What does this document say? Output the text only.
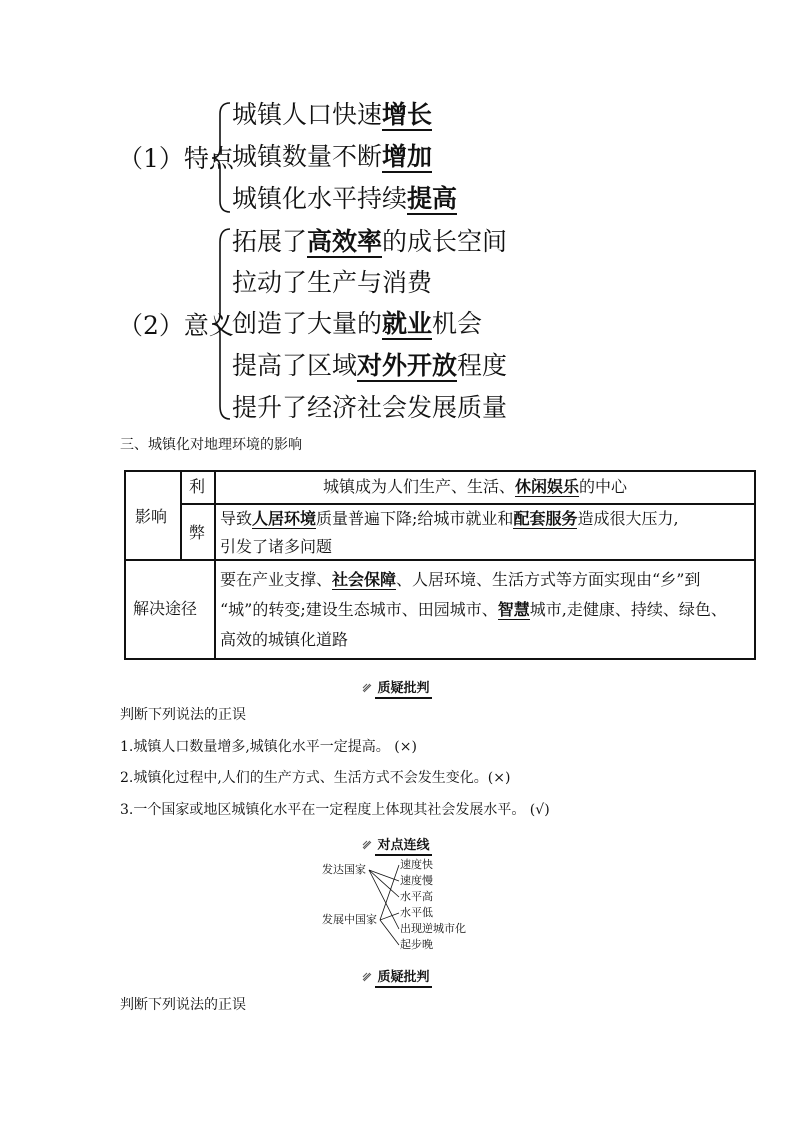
（1）特点
城镇人口快速增长
城镇数量不断增加
城镇化水平持续提高
（2）意义
拓展了高效率的成长空间
拉动了生产与消费
创造了大量的就业机会
提高了区域对外开放程度
提升了经济社会发展质量
三、城镇化对地理环境的影响
影响
利
弊
城镇成为人们生产、生活、休闲娱乐的中心
导致人居环境质量普遍下降;给城市就业和配套服务造成很大压力,
引发了诸多问题
解决途径
要在产业支撑、社会保障、人居环境、生活方式等方面实现由“乡”到
“城”的转变;建设生态城市、田园城市、智慧城市,走健康、持续、绿色、
高效的城镇化道路
质疑批判
判断下列说法的正误
1.城镇人口数量增多,城镇化水平一定提高。 (×)
2.城镇化过程中,人们的生产方式、生活方式不会发生变化。(×)
3.一个国家或地区城镇化水平在一定程度上体现其社会发展水平。 (√)
对点连线
发达国家
发展中国家
速度快
速度慢
水平高
水平低
出现逆城市化
起步晚
质疑批判
判断下列说法的正误
